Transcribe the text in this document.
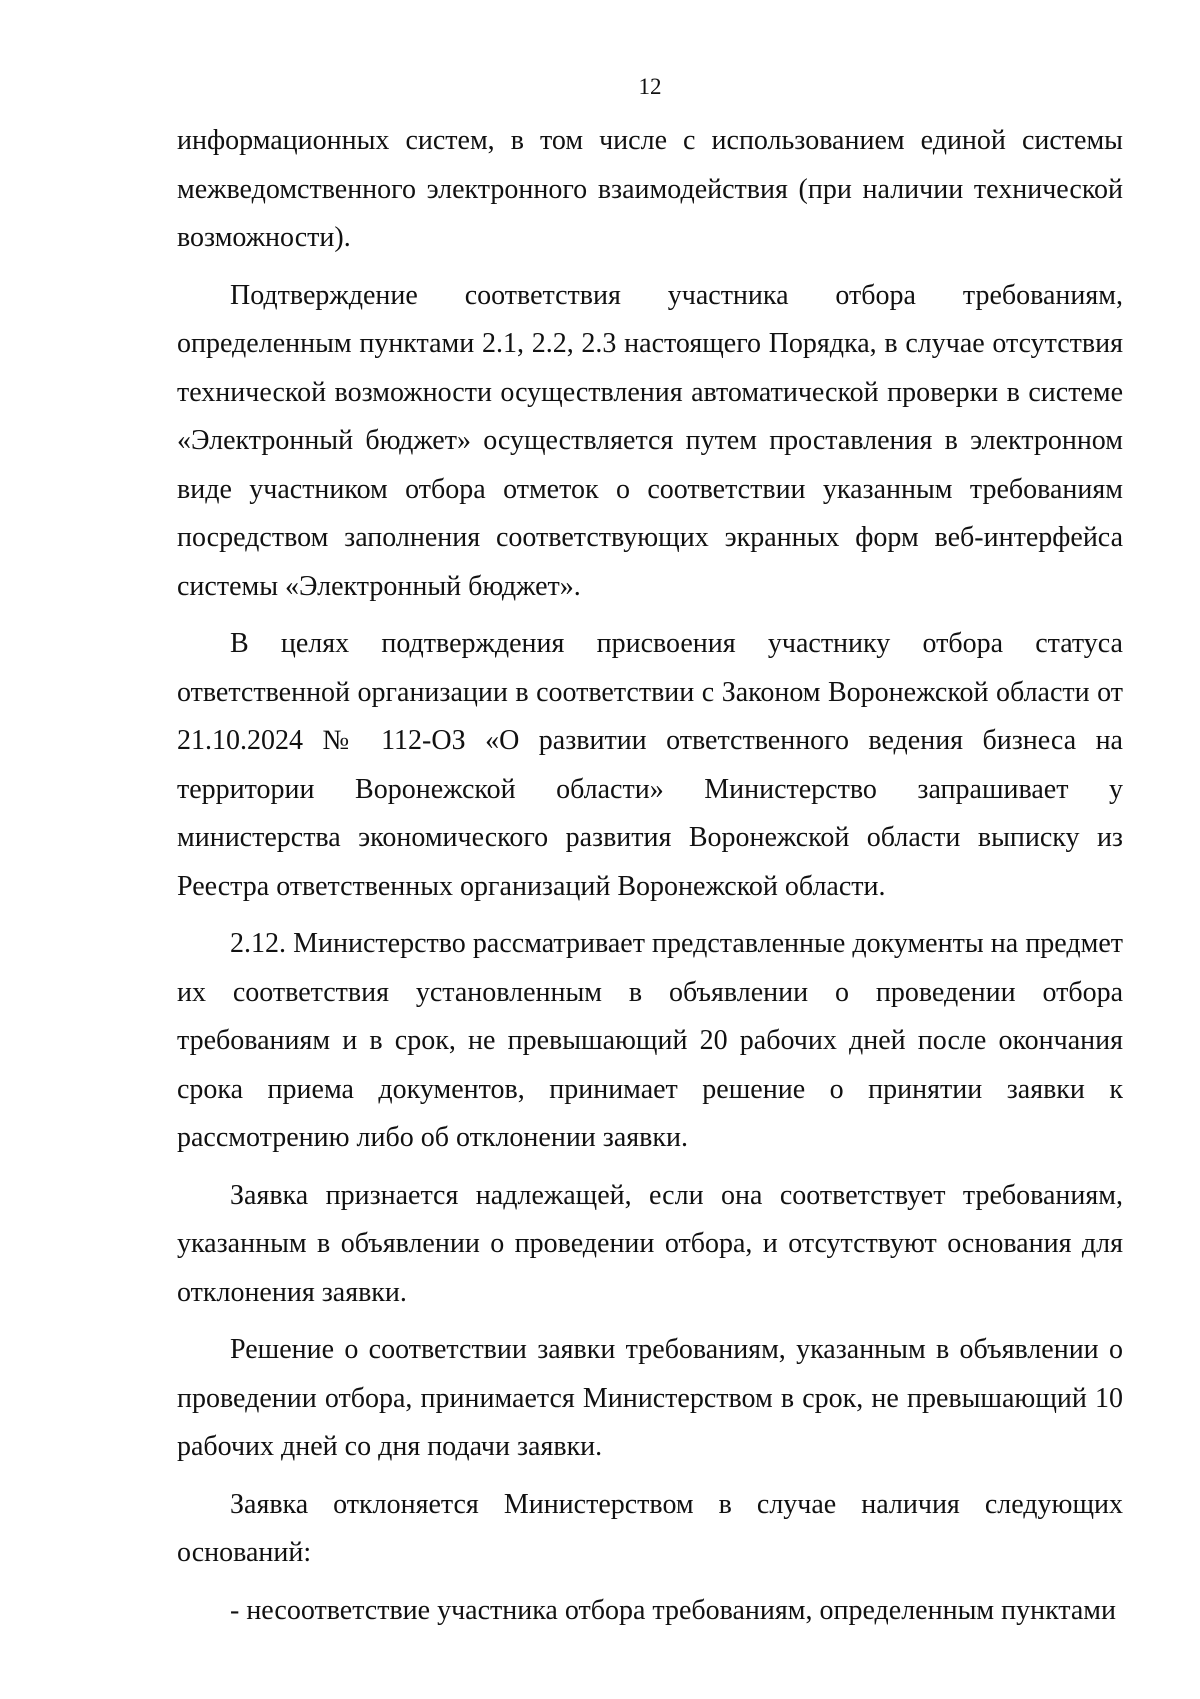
12

информационных систем, в том числе с использованием единой системы межведомственного электронного взаимодействия (при наличии технической возможности).

Подтверждение соответствия участника отбора требованиям, определенным пунктами 2.1, 2.2, 2.3 настоящего Порядка, в случае отсутствия технической возможности осуществления автоматической проверки в системе «Электронный бюджет» осуществляется путем проставления в электронном виде участником отбора отметок о соответствии указанным требованиям посредством заполнения соответствующих экранных форм веб-интерфейса системы «Электронный бюджет».

В целях подтверждения присвоения участнику отбора статуса ответственной организации в соответствии с Законом Воронежской области от 21.10.2024 № 112-ОЗ «О развитии ответственного ведения бизнеса на территории Воронежской области» Министерство запрашивает у министерства экономического развития Воронежской области выписку из Реестра ответственных организаций Воронежской области.

2.12. Министерство рассматривает представленные документы на предмет их соответствия установленным в объявлении о проведении отбора требованиям и в срок, не превышающий 20 рабочих дней после окончания срока приема документов, принимает решение о принятии заявки к рассмотрению либо об отклонении заявки.

Заявка признается надлежащей, если она соответствует требованиям, указанным в объявлении о проведении отбора, и отсутствуют основания для отклонения заявки.

Решение о соответствии заявки требованиям, указанным в объявлении о проведении отбора, принимается Министерством в срок, не превышающий 10 рабочих дней со дня подачи заявки.

Заявка отклоняется Министерством в случае наличия следующих оснований:

- несоответствие участника отбора требованиям, определенным пунктами
